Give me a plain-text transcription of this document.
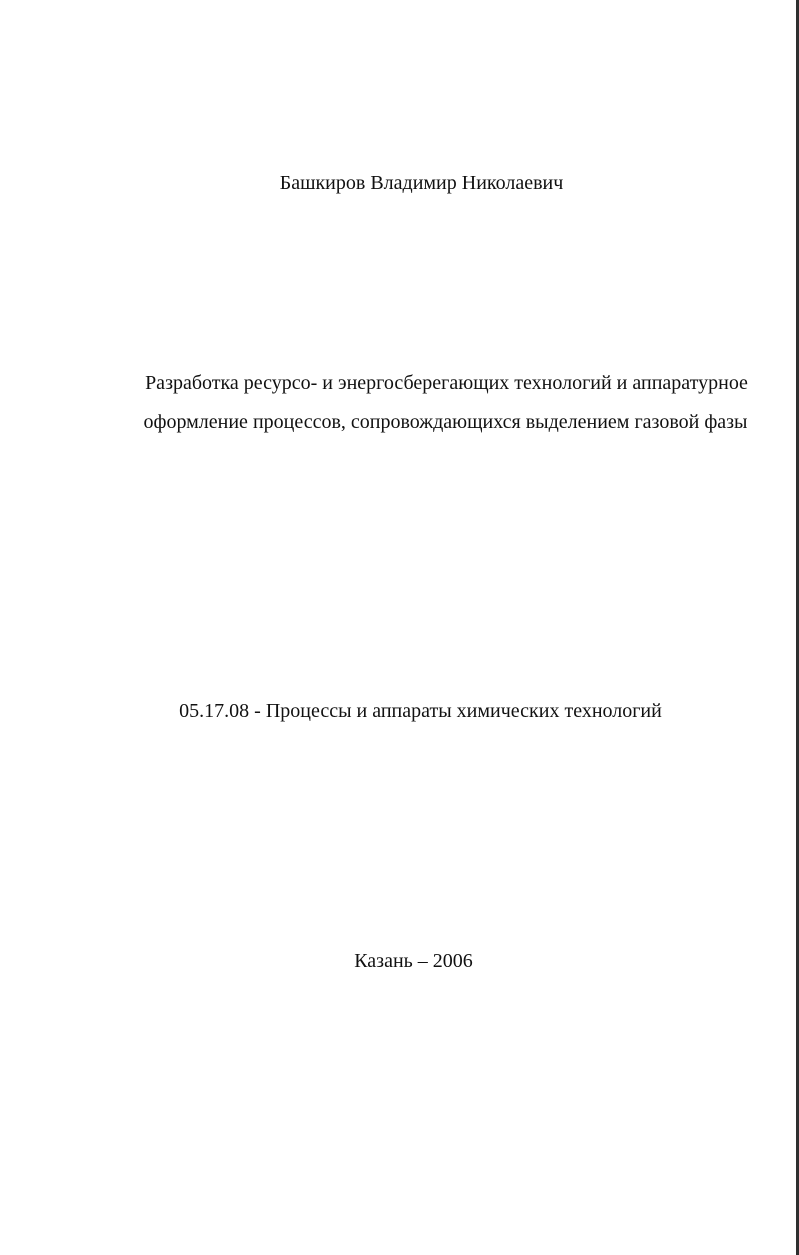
Башкиров Владимир Николаевич
Разработка ресурсо- и энергосберегающих технологий и аппаратурное
оформление процессов, сопровождающихся выделением газовой фазы
05.17.08 - Процессы и аппараты химических технологий
Казань – 2006
